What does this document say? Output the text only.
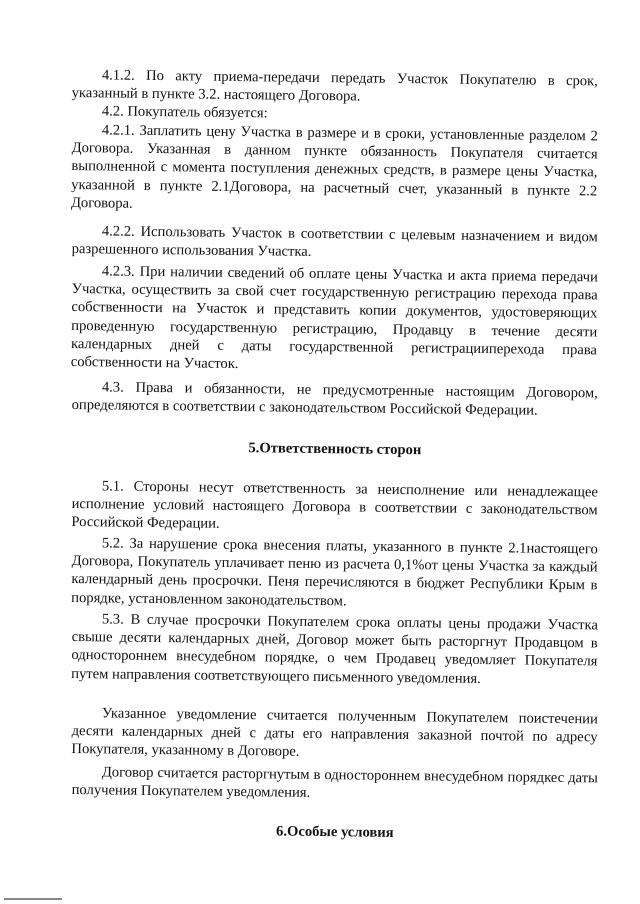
4.1.2. По акту приема-передачи передать Участок Покупателю в срок, указанный в пункте 3.2. настоящего Договора.
4.2. Покупатель обязуется:
4.2.1. Заплатить цену Участка в размере и в сроки, установленные разделом 2 Договора. Указанная в данном пункте обязанность Покупателя считается выполненной с момента поступления денежных средств, в размере цены Участка, указанной в пункте 2.1Договора, на расчетный счет, указанный в пункте 2.2 Договора.
4.2.2. Использовать Участок в соответствии с целевым назначением и видом разрешенного использования Участка.
4.2.3. При наличии сведений об оплате цены Участка и акта приема передачи Участка, осуществить за свой счет государственную регистрацию перехода права собственности на Участок и представить копии документов, удостоверяющих проведенную государственную регистрацию, Продавцу в течение десяти календарных дней с даты государственной регистрацииперехода права собственности на Участок.
4.3. Права и обязанности, не предусмотренные настоящим Договором, определяются в соответствии с законодательством Российской Федерации.
5.Ответственность сторон
5.1. Стороны несут ответственность за неисполнение или ненадлежащее исполнение условий настоящего Договора в соответствии с законодательством Российской Федерации.
5.2. За нарушение срока внесения платы, указанного в пункте 2.1настоящего Договора, Покупатель уплачивает пеню из расчета 0,1%от цены Участка за каждый календарный день просрочки. Пеня перечисляются в бюджет Республики Крым в порядке, установленном законодательством.
5.3. В случае просрочки Покупателем срока оплаты цены продажи Участка свыше десяти календарных дней, Договор может быть расторгнут Продавцом в одностороннем внесудебном порядке, о чем Продавец уведомляет Покупателя путем направления соответствующего письменного уведомления.
Указанное уведомление считается полученным Покупателем поистечении десяти календарных дней с даты его направления заказной почтой по адресу Покупателя, указанному в Договоре.
Договор считается расторгнутым в одностороннем внесудебном порядкес даты получения Покупателем уведомления.
6.Особые условия
